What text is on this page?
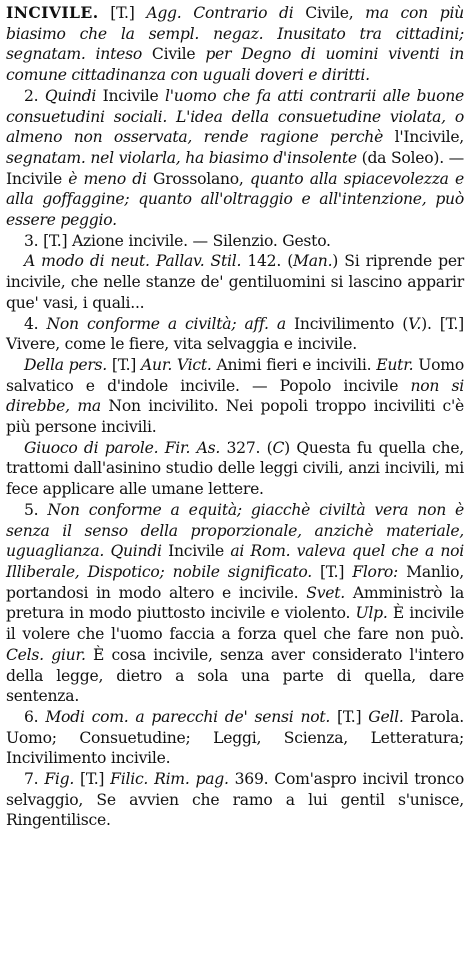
INCIVILE. [T.] Agg. Contrario di Civile, ma con più biasimo che la sempl. negaz. Inusitato tra cittadini; segnatam. inteso Civile per Degno di uomini viventi in comune cittadinanza con uguali doveri e diritti.

2. Quindi Incivile l'uomo che fa atti contrarii alle buone consuetudini sociali. L'idea della consuetudine violata, o almeno non osservata, rende ragione perchè l'Incivile, segnatam. nel violarla, ha biasimo d'insolente (da Soleo). — Incivile è meno di Grossolano, quanto alla spiacevolezza e alla goffaggine; quanto all'oltraggio e all'intenzione, può essere peggio.

3. [T.] Azione incivile. — Silenzio. Gesto.

A modo di neut. Pallav. Stil. 142. (Man.) Si riprende per incivile, che nelle stanze de' gentiluomini si lascino apparir que' vasi, i quali...

4. Non conforme a civiltà; aff. a Incivilimento (V.). [T.] Vivere, come le fiere, vita selvaggia e incivile.

Della pers. [T.] Aur. Vict. Animi fieri e incivili. Eutr. Uomo salvatico e d'indole incivile. — Popolo incivile non si direbbe, ma Non incivilito. Nei popoli troppo inciviliti c'è più persone incivili.

Giuoco di parole. Fir. As. 327. (C) Questa fu quella che, trattomi dall'asinino studio delle leggi civili, anzi incivili, mi fece applicare alle umane lettere.

5. Non conforme a equità; giacchè civiltà vera non è senza il senso della proporzionale, anzichè materiale, uguaglianza. Quindi Incivile ai Rom. valeva quel che a noi Illiberale, Dispotico; nobile significato. [T.] Floro: Manlio, portandosi in modo altero e incivile. Svet. Amministrò la pretura in modo piuttosto incivile e violento. Ulp. È incivile il volere che l'uomo faccia a forza quel che fare non può. Cels. giur. È cosa incivile, senza aver considerato l'intero della legge, dietro a sola una parte di quella, dare sentenza.

6. Modi com. a parecchi de' sensi not. [T.] Gell. Parola. Uomo; Consuetudine; Leggi, Scienza, Letteratura; Incivilimento incivile.

7. Fig. [T.] Filic. Rim. pag. 369. Com'aspro incivil tronco selvaggio, Se avvien che ramo a lui gentil s'unisce, Ringentilisce.
